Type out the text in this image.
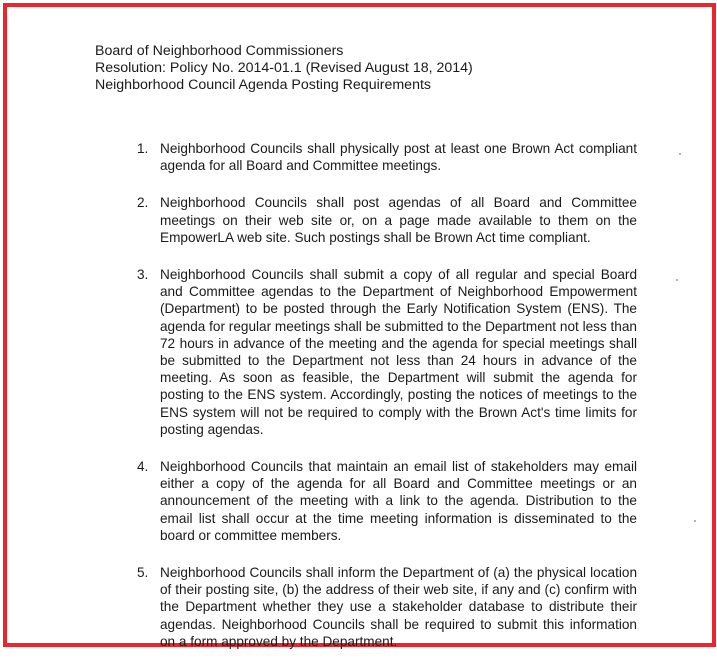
Board of Neighborhood Commissioners
Resolution: Policy No. 2014-01.1 (Revised August 18, 2014)
Neighborhood Council Agenda Posting Requirements
1. Neighborhood Councils shall physically post at least one Brown Act compliant agenda for all Board and Committee meetings.
2. Neighborhood Councils shall post agendas of all Board and Committee meetings on their web site or, on a page made available to them on the EmpowerLA web site. Such postings shall be Brown Act time compliant.
3. Neighborhood Councils shall submit a copy of all regular and special Board and Committee agendas to the Department of Neighborhood Empowerment (Department) to be posted through the Early Notification System (ENS). The agenda for regular meetings shall be submitted to the Department not less than 72 hours in advance of the meeting and the agenda for special meetings shall be submitted to the Department not less than 24 hours in advance of the meeting. As soon as feasible, the Department will submit the agenda for posting to the ENS system. Accordingly, posting the notices of meetings to the ENS system will not be required to comply with the Brown Act's time limits for posting agendas.
4. Neighborhood Councils that maintain an email list of stakeholders may email either a copy of the agenda for all Board and Committee meetings or an announcement of the meeting with a link to the agenda. Distribution to the email list shall occur at the time meeting information is disseminated to the board or committee members.
5. Neighborhood Councils shall inform the Department of (a) the physical location of their posting site, (b) the address of their web site, if any and (c) confirm with the Department whether they use a stakeholder database to distribute their agendas. Neighborhood Councils shall be required to submit this information on a form approved by the Department.
